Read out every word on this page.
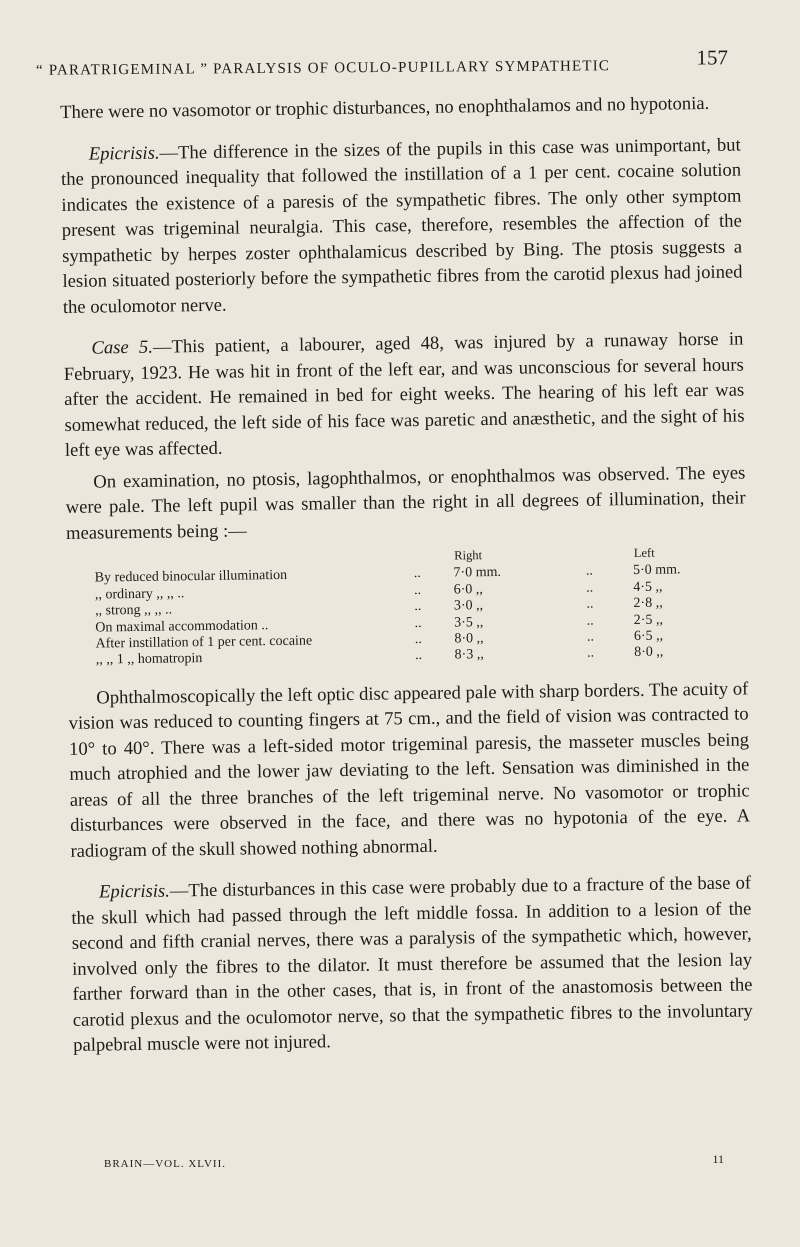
“ PARATRIGEMINAL ” PARALYSIS OF OCULO-PUPILLARY SYMPATHETIC	157

There were no vasomotor or trophic disturbances, no enophthalamos and no hypotonia.

Epicrisis.—The difference in the sizes of the pupils in this case was unimportant, but the pronounced inequality that followed the instillation of a 1 per cent. cocaine solution indicates the existence of a paresis of the sympathetic fibres. The only other symptom present was trigeminal neuralgia. This case, therefore, resembles the affection of the sympathetic by herpes zoster ophthalamicus described by Bing. The ptosis suggests a lesion situated posteriorly before the sympathetic fibres from the carotid plexus had joined the oculomotor nerve.

Case 5.—This patient, a labourer, aged 48, was injured by a runaway horse in February, 1923. He was hit in front of the left ear, and was unconscious for several hours after the accident. He remained in bed for eight weeks. The hearing of his left ear was somewhat reduced, the left side of his face was paretic and anæsthetic, and the sight of his left eye was affected.

On examination, no ptosis, lagophthalmos, or enophthalmos was observed. The eyes were pale. The left pupil was smaller than the right in all degrees of illumination, their measurements being :—

		Right		Left
By reduced binocular illumination	..	7·0 mm.	..	5·0 mm.
,, ordinary ,, ,, ..	..	6·0 ,,	..	4·5 ,,
,, strong ,, ,, ..	..	3·0 ,,	..	2·8 ,,
On maximal accommodation ..	..	3·5 ,,	..	2·5 ,,
After instillation of 1 per cent. cocaine	..	8·0 ,,	..	6·5 ,,
,, ,, 1 ,, homatropin	..	8·3 ,,	..	8·0 ,,

Ophthalmoscopically the left optic disc appeared pale with sharp borders. The acuity of vision was reduced to counting fingers at 75 cm., and the field of vision was contracted to 10° to 40°. There was a left-sided motor trigeminal paresis, the masseter muscles being much atrophied and the lower jaw deviating to the left. Sensation was diminished in the areas of all the three branches of the left trigeminal nerve. No vasomotor or trophic disturbances were observed in the face, and there was no hypotonia of the eye. A radiogram of the skull showed nothing abnormal.

Epicrisis.—The disturbances in this case were probably due to a fracture of the base of the skull which had passed through the left middle fossa. In addition to a lesion of the second and fifth cranial nerves, there was a paralysis of the sympathetic which, however, involved only the fibres to the dilator. It must therefore be assumed that the lesion lay farther forward than in the other cases, that is, in front of the anastomosis between the carotid plexus and the oculomotor nerve, so that the sympathetic fibres to the involuntary palpebral muscle were not injured.

BRAIN—VOL. XLVII.	11
